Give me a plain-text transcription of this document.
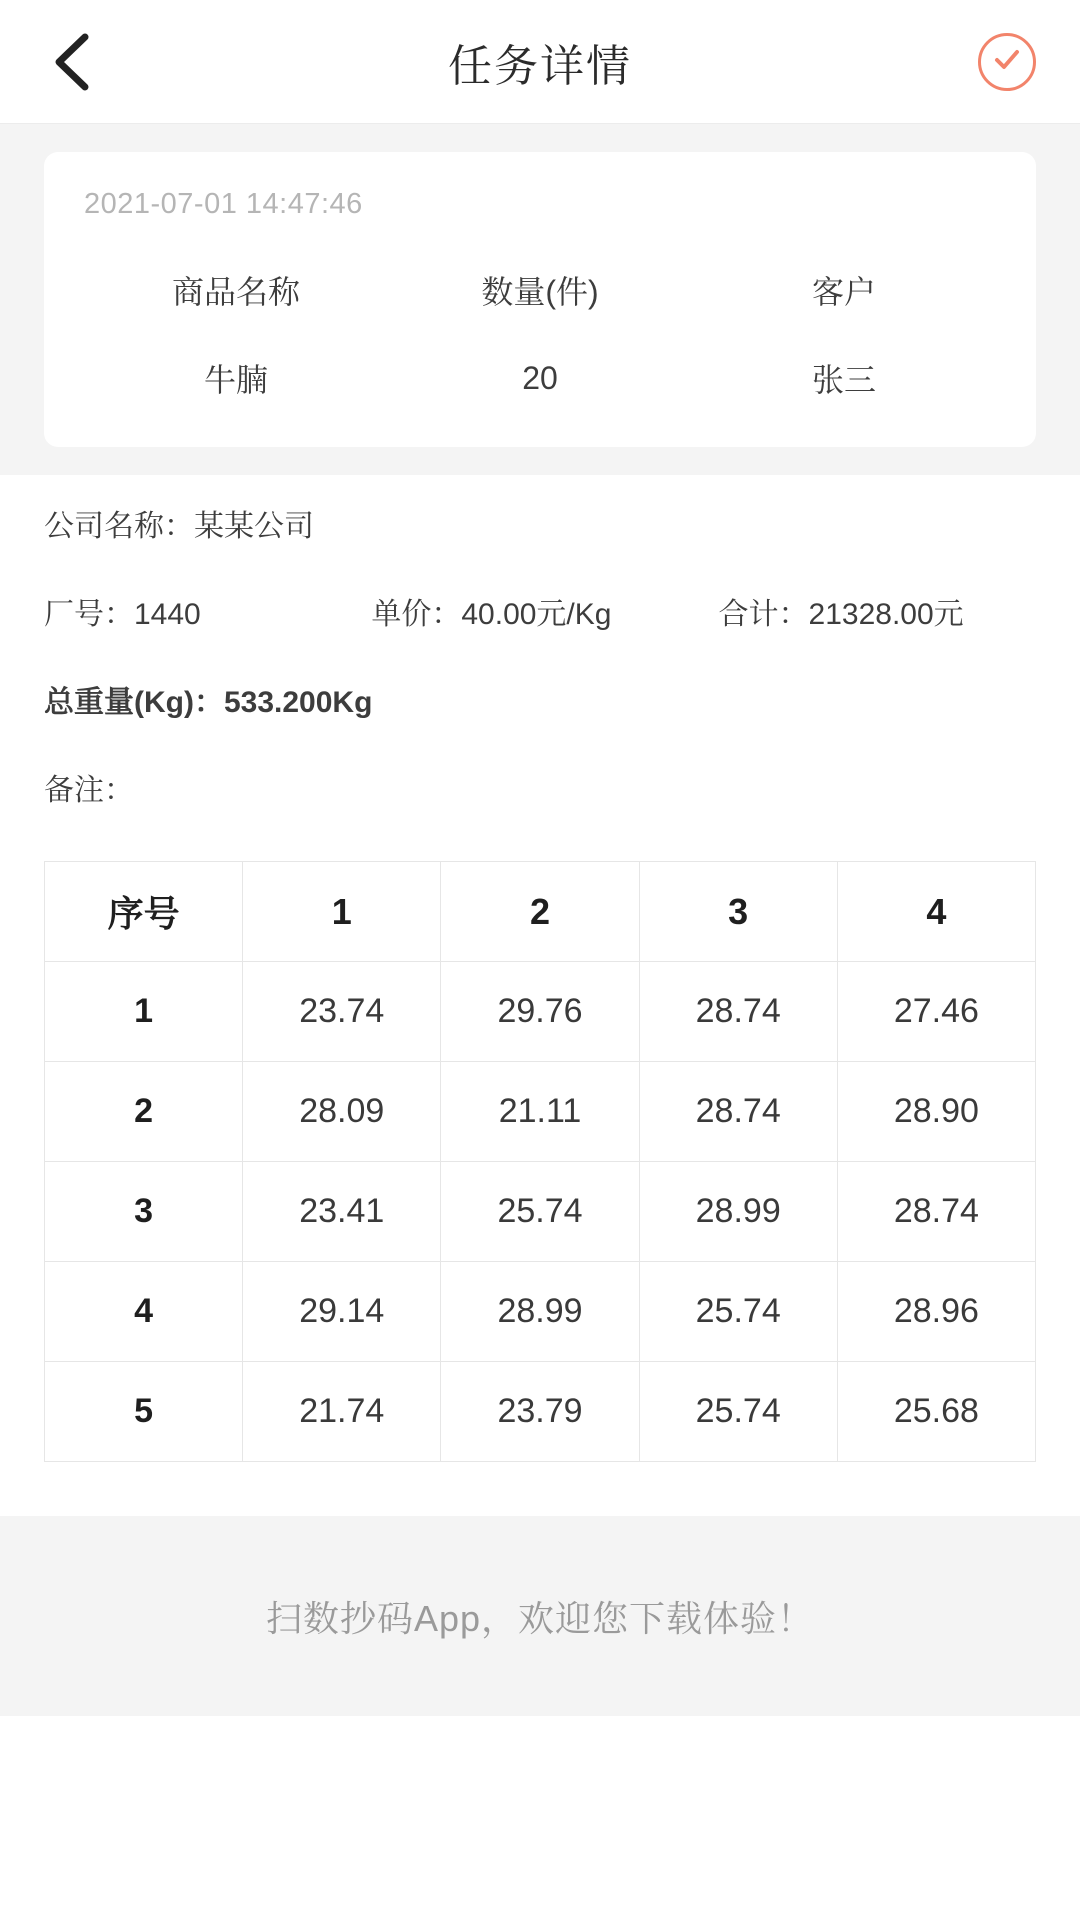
任务详情
2021-07-01 14:47:46
商品名称	数量(件)	客户
牛腩	20	张三
公司名称：某某公司
厂号：1440	单价：40.00元/Kg	合计：21328.00元
总重量(Kg)：533.200Kg
备注：
序号	1	2	3	4
1	23.74	29.76	28.74	27.46
2	28.09	21.11	28.74	28.90
3	23.41	25.74	28.99	28.74
4	29.14	28.99	25.74	28.96
5	21.74	23.79	25.74	25.68
扫数抄码App，欢迎您下载体验！
